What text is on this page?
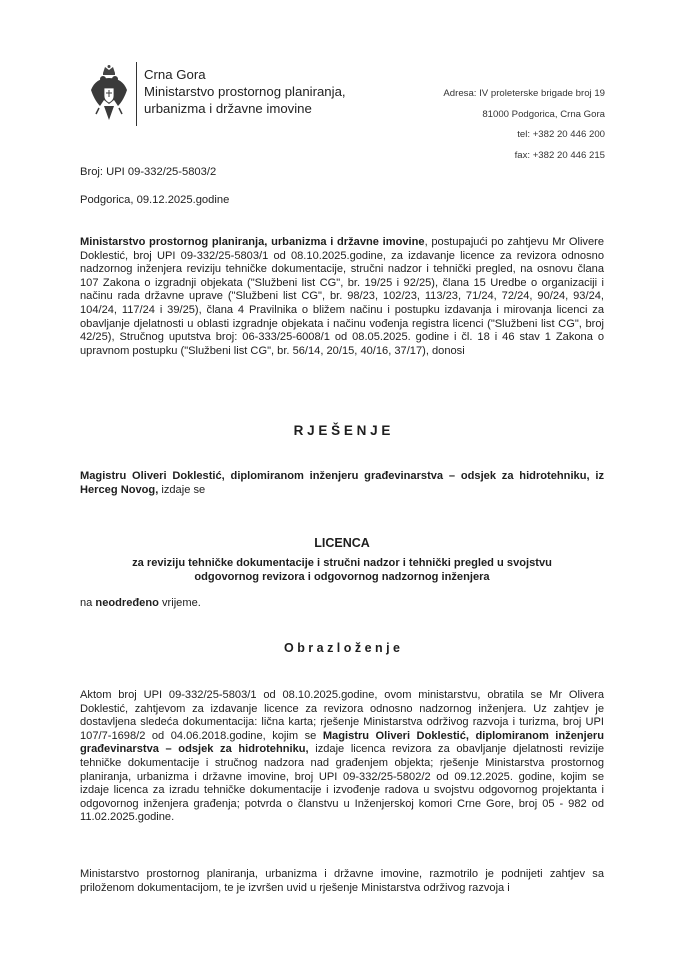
Crna Gora
Ministarstvo prostornog planiranja,
urbanizma i državne imovine
Adresa: IV proleterske brigade broj 19
81000 Podgorica, Crna Gora
tel: +382 20 446 200
fax: +382 20 446 215
Broj: UPI 09-332/25-5803/2
Podgorica, 09.12.2025.godine
Ministarstvo prostornog planiranja, urbanizma i državne imovine, postupajući po zahtjevu Mr Olivere Doklestić, broj UPI 09-332/25-5803/1 od 08.10.2025.godine, za izdavanje licence za revizora odnosno nadzornog inženjera reviziju tehničke dokumentacije, stručni nadzor i tehnički pregled, na osnovu člana 107 Zakona o izgradnji objekata ("Službeni list CG", br. 19/25 i 92/25), člana 15 Uredbe o organizaciji i načinu rada državne uprave ("Službeni list CG", br. 98/23, 102/23, 113/23, 71/24, 72/24, 90/24, 93/24, 104/24, 117/24 i 39/25), člana 4 Pravilnika o bližem načinu i postupku izdavanja i mirovanja licenci za obavljanje djelatnosti u oblasti izgradnje objekata i načinu vođenja registra licenci ("Službeni list CG", broj 42/25), Stručnog uputstva broj: 06-333/25-6008/1 od 08.05.2025. godine i čl. 18 i 46 stav 1 Zakona o upravnom postupku ("Službeni list CG", br. 56/14, 20/15, 40/16, 37/17), donosi
R J E Š E N J E
Magistru Oliveri Doklestić, diplomiranom inženjeru građevinarstva – odsjek za hidrotehniku, iz Herceg Novog, izdaje se
LICENCA
za reviziju tehničke dokumentacije i stručni nadzor i tehnički pregled u svojstvu odgovornog revizora i odgovornog nadzornog inženjera
na neodređeno vrijeme.
O b r a z l o ž e n j e
Aktom broj UPI 09-332/25-5803/1 od 08.10.2025.godine, ovom ministarstvu, obratila se Mr Olivera Doklestić, zahtjevom za izdavanje licence za revizora odnosno nadzornog inženjera. Uz zahtjev je dostavljena sledeća dokumentacija: lična karta; rješenje Ministarstva održivog razvoja i turizma, broj UPI 107/7-1698/2 od 04.06.2018.godine, kojim se Magistru Oliveri Doklestić, diplomiranom inženjeru građevinarstva – odsjek za hidrotehniku, izdaje licenca revizora za obavljanje djelatnosti revizije tehničke dokumentacije i stručnog nadzora nad građenjem objekta; rješenje Ministarstva prostornog planiranja, urbanizma i državne imovine, broj UPI 09-332/25-5802/2 od 09.12.2025. godine, kojim se izdaje licenca za izradu tehničke dokumentacije i izvođenje radova u svojstvu odgovornog projektanta i odgovornog inženjera građenja; potvrda o članstvu u Inženjerskoj komori Crne Gore, broj 05 - 982 od 11.02.2025.godine.
Ministarstvo prostornog planiranja, urbanizma i državne imovine, razmotrilo je podnijeti zahtjev sa priloženom dokumentacijom, te je izvršen uvid u rješenje Ministarstva održivog razvoja i
